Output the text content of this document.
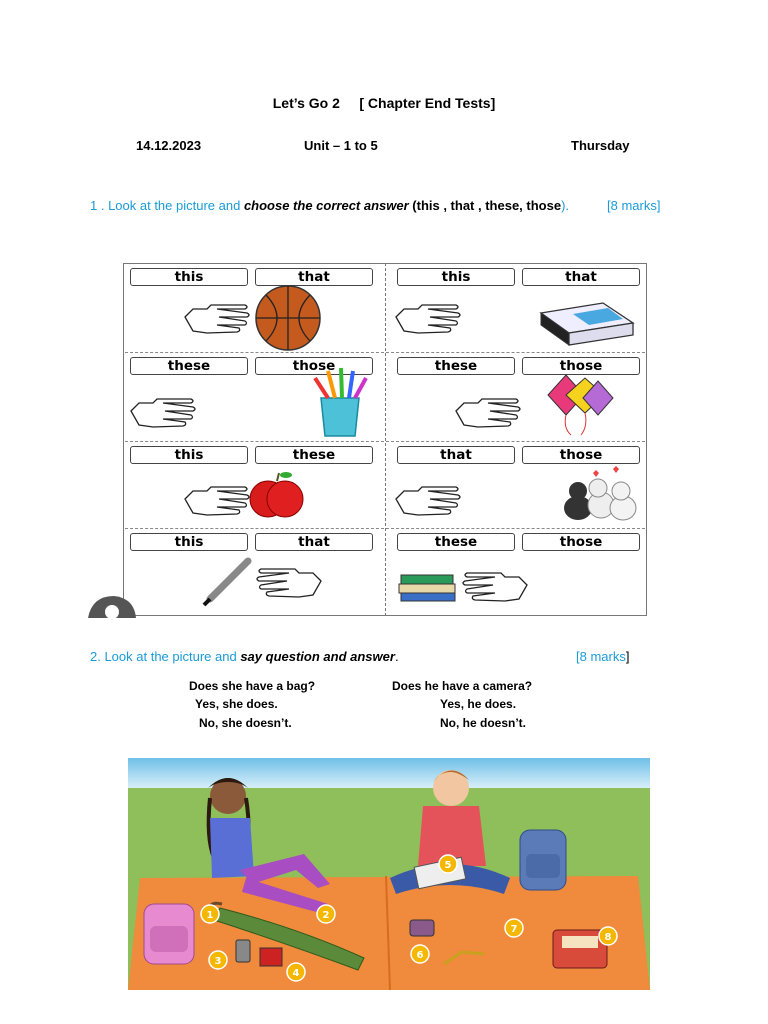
Let’s Go 2     [ Chapter End Tests]
14.12.2023	Unit – 1 to 5	Thursday
1 . Look at the picture and choose the correct answer (this , that , these, those).	[8 marks]
this	that	this	that
these	those	these	those
this	these	that	those
this	that	these	those
2. Look at the picture and say question and answer.	[8 marks]
Does she have a bag?
Yes, she does.
No, she doesn’t.
Does he have a camera?
Yes, he does.
No, he doesn’t.
1	2
3
4
5
6
7
8
